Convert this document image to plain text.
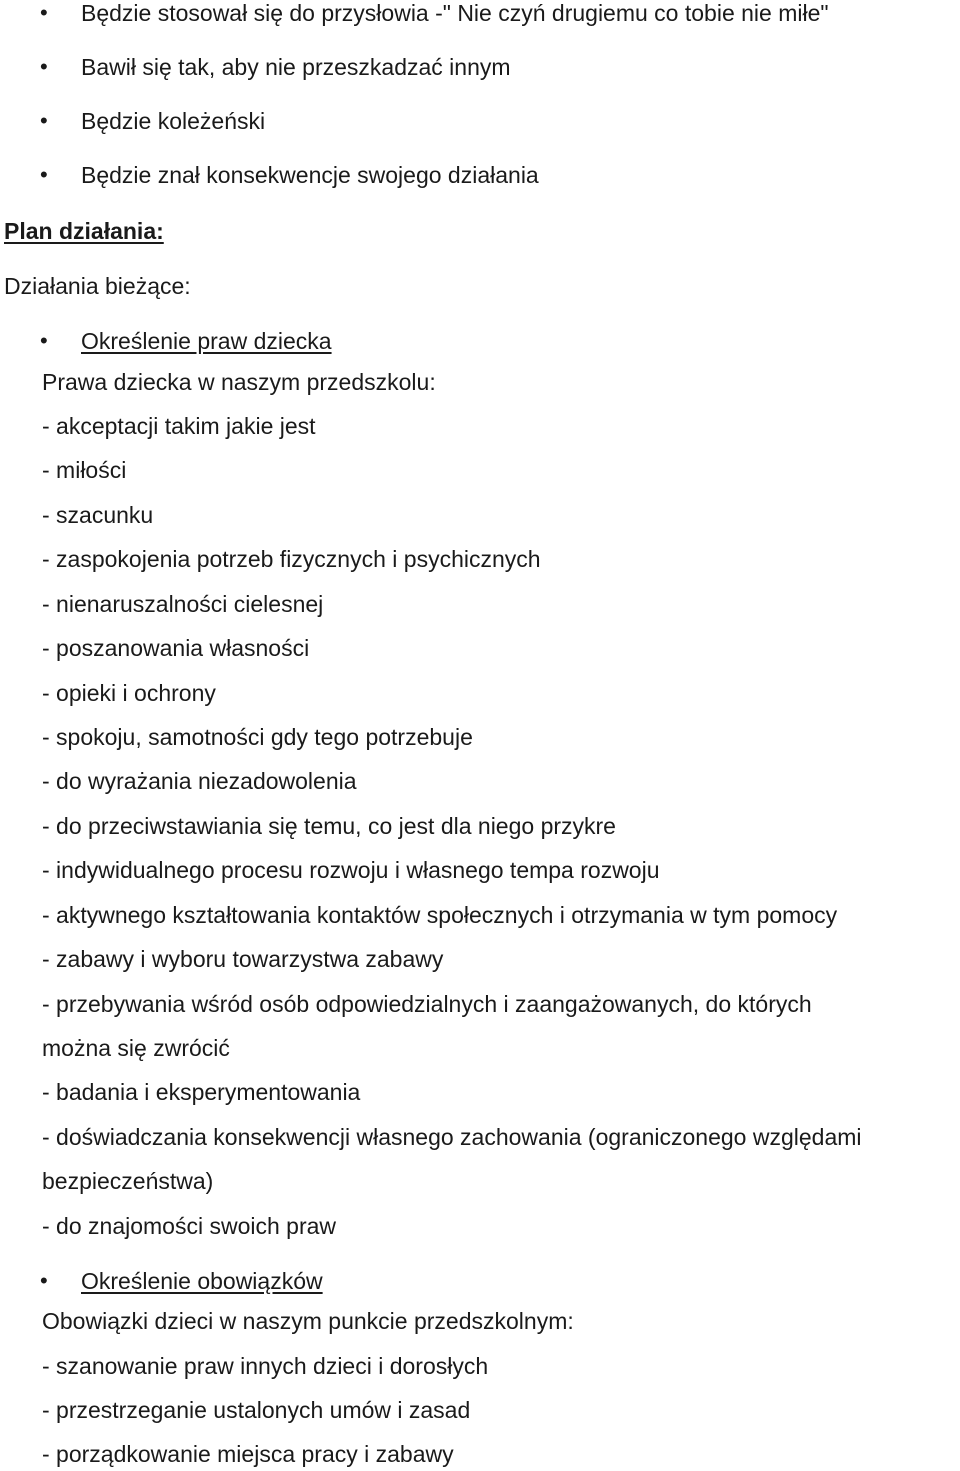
• Będzie stosował się do przysłowia -" Nie czyń drugiemu co tobie nie miłe"
• Bawił się tak, aby nie przeszkadzać innym
• Będzie koleżeński
• Będzie znał konsekwencje swojego działania
Plan działania:
Działania bieżące:
• Określenie praw dziecka
Prawa dziecka w naszym przedszkolu:
- akceptacji takim jakie jest
- miłości
- szacunku
- zaspokojenia potrzeb fizycznych i psychicznych
- nienaruszalności cielesnej
- poszanowania własności
- opieki i ochrony
- spokoju, samotności gdy tego potrzebuje
- do wyrażania niezadowolenia
- do przeciwstawiania się temu, co jest dla niego przykre
- indywidualnego procesu rozwoju i własnego tempa rozwoju
- aktywnego kształtowania kontaktów społecznych i otrzymania w tym pomocy
- zabawy i wyboru towarzystwa zabawy
- przebywania wśród osób odpowiedzialnych i zaangażowanych, do których
można się zwrócić
- badania i eksperymentowania
- doświadczania konsekwencji własnego zachowania (ograniczonego względami
bezpieczeństwa)
- do znajomości swoich praw
• Określenie obowiązków
Obowiązki dzieci w naszym punkcie przedszkolnym:
- szanowanie praw innych dzieci i dorosłych
- przestrzeganie ustalonych umów i zasad
- porządkowanie miejsca pracy i zabawy
